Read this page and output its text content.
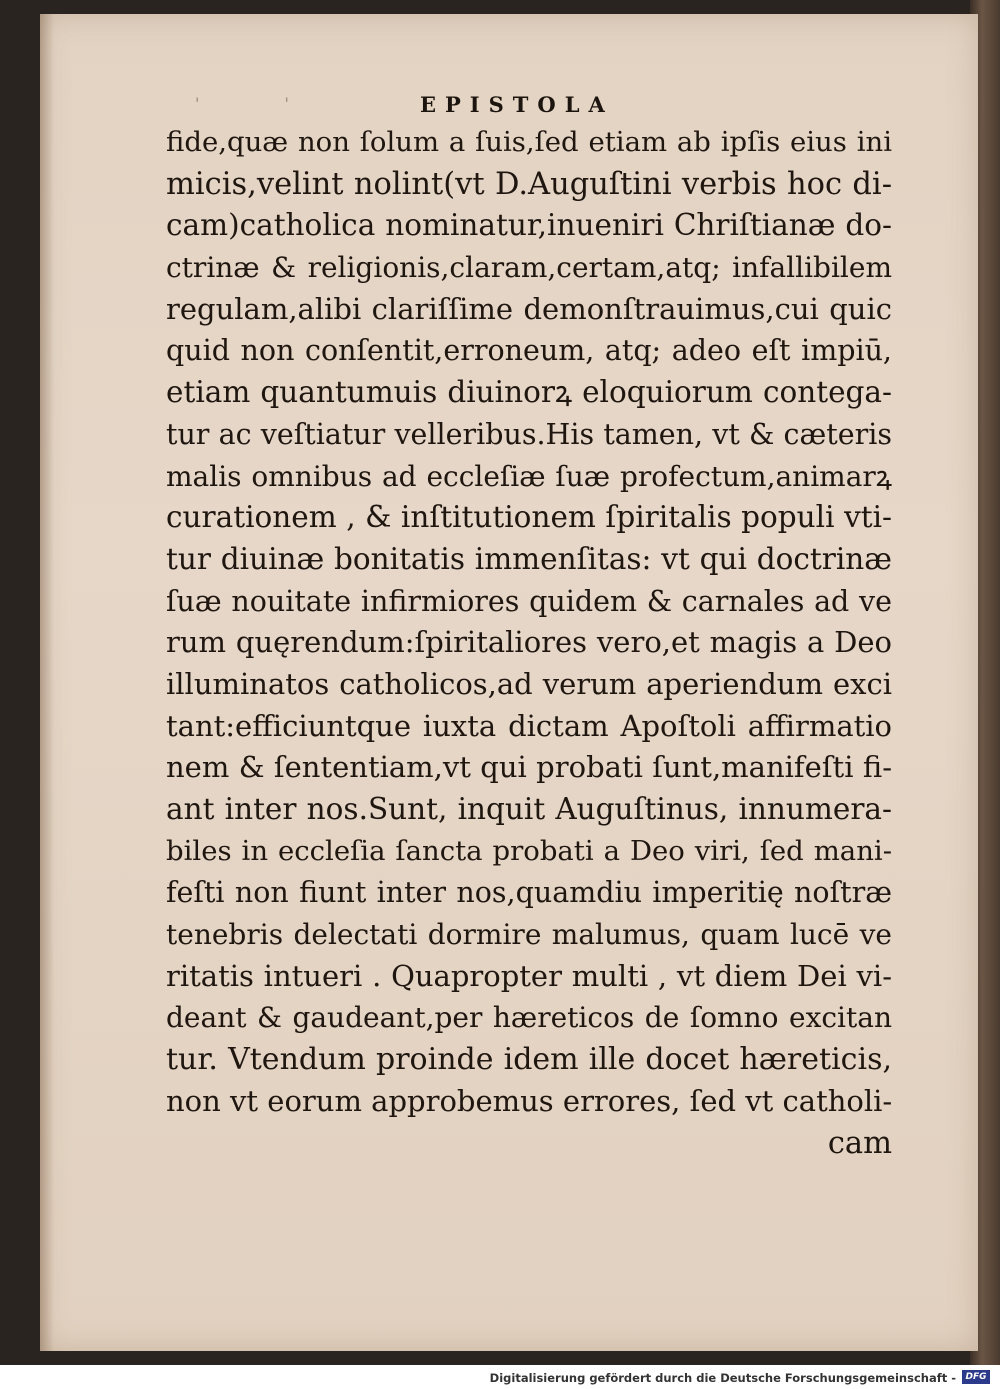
' '	EPISTOLA
fide,quæ non ſolum a ſuis,ſed etiam ab ipſis eius ini
micis,velint nolint(vt D.Auguſtini verbis hoc di-
cam)catholica nominatur,inueniri Chriſtianæ do-
ctrinæ & religionis,claram,certam,atq; infallibilem
regulam,alibi clariſſime demonſtrauimus,cui quic
quid non conſentit,erroneum, atq; adeo eſt impiū,
etiam quantumuis diuinorꝝ eloquiorum contega-
tur ac veſtiatur velleribus.His tamen, vt & cæteris
malis omnibus ad eccleſiæ ſuæ profectum,animarꝝ
curationem , & inſtitutionem ſpiritalis populi vti-
tur diuinæ bonitatis immenſitas: vt qui doctrinæ
ſuæ nouitate infirmiores quidem & carnales ad ve
rum quęrendum:ſpiritaliores vero,et magis a Deo
illuminatos catholicos,ad verum aperiendum exci
tant:efficiuntque iuxta dictam Apoſtoli affirmatio
nem & ſententiam,vt qui probati ſunt,manifeſti fi-
ant inter nos.Sunt, inquit Auguſtinus, innumera-
biles in eccleſia ſancta probati a Deo viri, ſed mani-
feſti non fiunt inter nos,quamdiu imperitię noſtræ
tenebris delectati dormire malumus, quam lucē ve
ritatis intueri . Quapropter multi , vt diem Dei vi-
deant & gaudeant,per hæreticos de ſomno excitan
tur. Vtendum proinde idem ille docet hæreticis,
non vt eorum approbemus errores, ſed vt catholi-
cam
Digitalisierung gefördert durch die Deutsche Forschungsgemeinschaft -	DFG
